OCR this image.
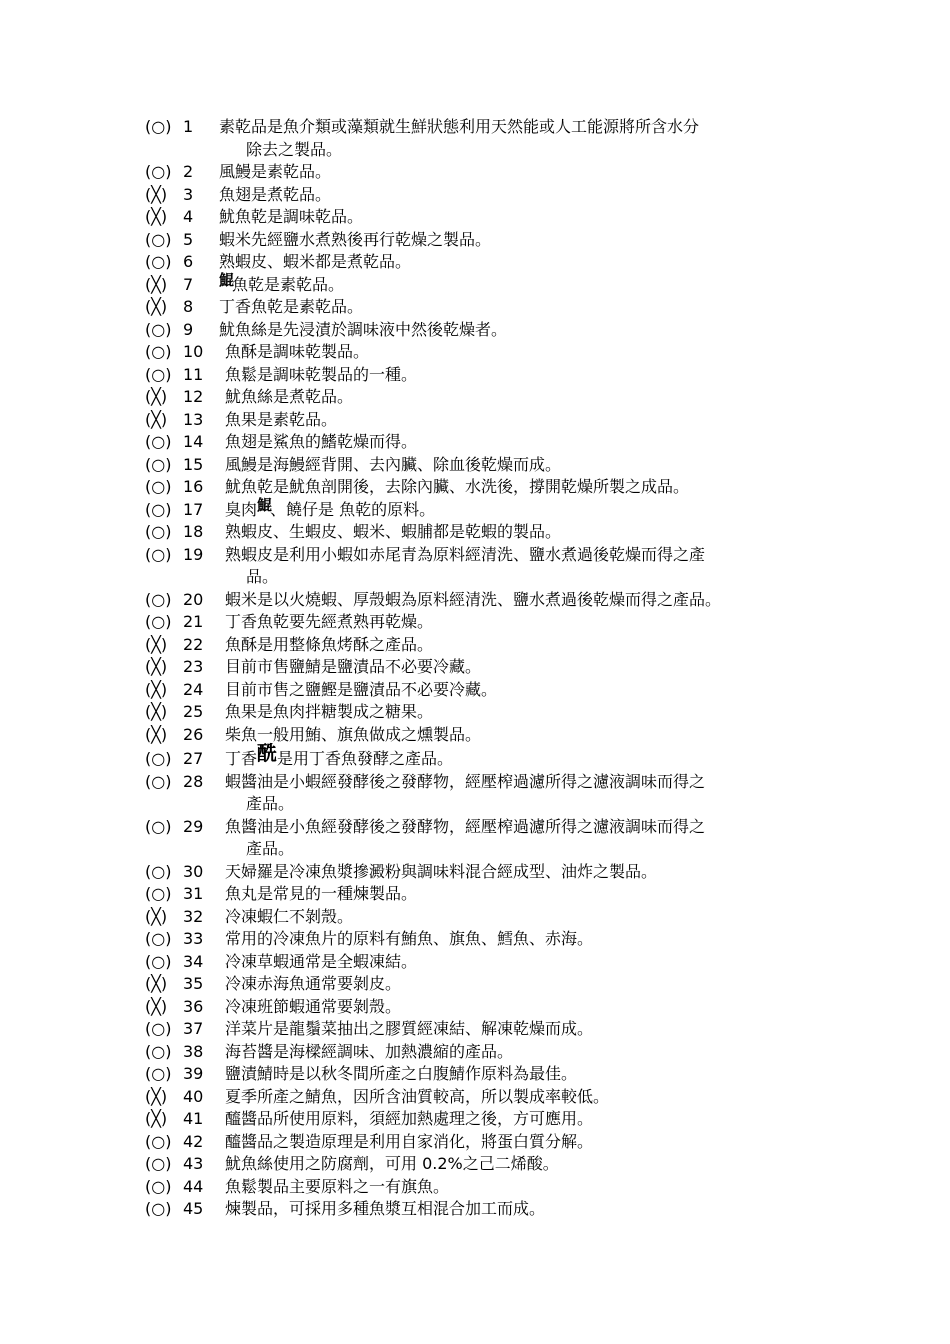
(○) 1 素乾品是魚介類或藻類就生鮮狀態利用天然能或人工能源將所含水分
除去之製品。
(○) 2 風鰻是素乾品。
(╳) 3 魚翅是煮乾品。
(╳) 4 魷魚乾是調味乾品。
(○) 5 蝦米先經鹽水煮熟後再行乾燥之製品。
(○) 6 熟蝦皮、蝦米都是煮乾品。
(╳) 7 鯤魚乾是素乾品。
(╳) 8 丁香魚乾是素乾品。
(○) 9 魷魚絲是先浸漬於調味液中然後乾燥者。
(○) 10 魚酥是調味乾製品。
(○) 11 魚鬆是調味乾製品的一種。
(╳) 12 魷魚絲是煮乾品。
(╳) 13 魚果是素乾品。
(○) 14 魚翅是鯊魚的鰭乾燥而得。
(○) 15 風鰻是海鰻經背開、去內臟、除血後乾燥而成。
(○) 16 魷魚乾是魷魚剖開後，去除內臟、水洗後，撐開乾燥所製之成品。
(○) 17 臭肉鯤、饒仔是 魚乾的原料。
(○) 18 熟蝦皮、生蝦皮、蝦米、蝦脯都是乾蝦的製品。
(○) 19 熟蝦皮是利用小蝦如赤尾青為原料經清洗、鹽水煮過後乾燥而得之產
品。
(○) 20 蝦米是以火燒蝦、厚殼蝦為原料經清洗、鹽水煮過後乾燥而得之產品。
(○) 21 丁香魚乾要先經煮熟再乾燥。
(╳) 22 魚酥是用整條魚烤酥之產品。
(╳) 23 目前市售鹽鯖是鹽漬品不必要冷藏。
(╳) 24 目前市售之鹽鰹是鹽漬品不必要冷藏。
(╳) 25 魚果是魚肉拌糖製成之糖果。
(╳) 26 柴魚一般用鮪、旗魚做成之燻製品。
(○) 27 丁香酰是用丁香魚發酵之產品。
(○) 28 蝦醬油是小蝦經發酵後之發酵物，經壓榨過濾所得之濾液調味而得之
產品。
(○) 29 魚醬油是小魚經發酵後之發酵物，經壓榨過濾所得之濾液調味而得之
產品。
(○) 30 天婦羅是冷凍魚漿摻澱粉與調味料混合經成型、油炸之製品。
(○) 31 魚丸是常見的一種煉製品。
(╳) 32 冷凍蝦仁不剝殼。
(○) 33 常用的冷凍魚片的原料有鮪魚、旗魚、鱈魚、赤海。
(○) 34 冷凍草蝦通常是全蝦凍結。
(╳) 35 冷凍赤海魚通常要剝皮。
(╳) 36 冷凍班節蝦通常要剝殼。
(○) 37 洋菜片是龍鬚菜抽出之膠質經凍結、解凍乾燥而成。
(○) 38 海苔醬是海樑經調味、加熱濃縮的產品。
(○) 39 鹽漬鯖時是以秋冬間所產之白腹鯖作原料為最佳。
(╳) 40 夏季所產之鯖魚，因所含油質較高，所以製成率較低。
(╳) 41 醯醬品所使用原料，須經加熱處理之後，方可應用。
(○) 42 醯醬品之製造原理是利用自家消化，將蛋白質分解。
(○) 43 魷魚絲使用之防腐劑，可用 0.2%之己二烯酸。
(○) 44 魚鬆製品主要原料之一有旗魚。
(○) 45 煉製品，可採用多種魚漿互相混合加工而成。
